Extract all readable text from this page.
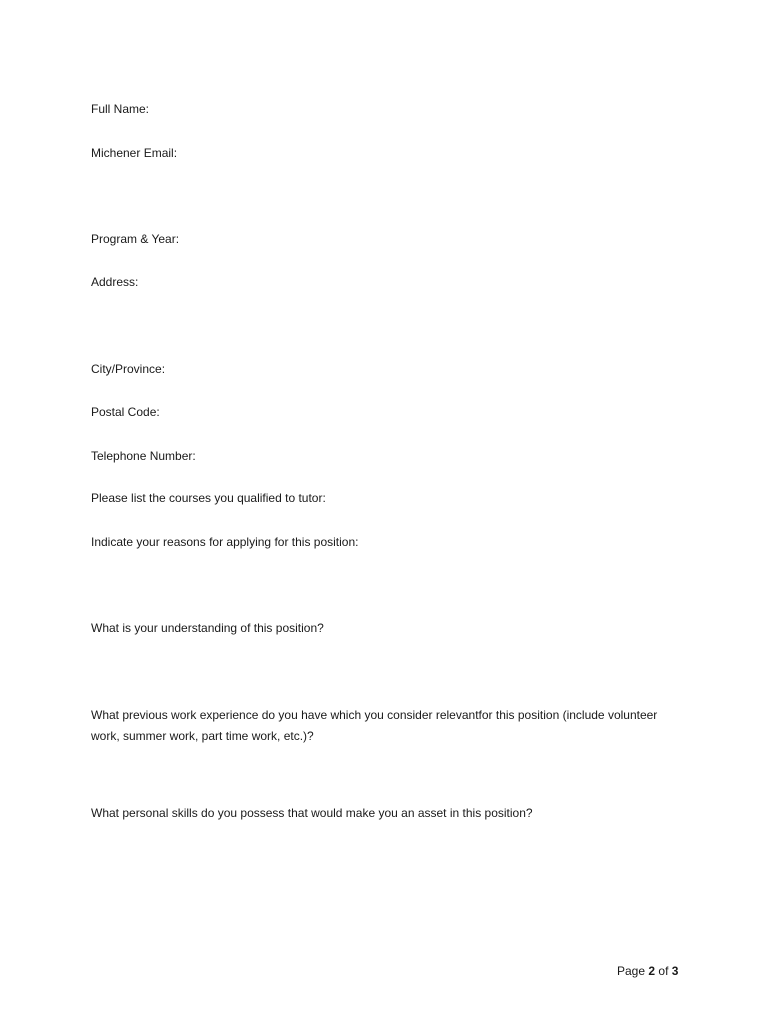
Full Name:
Michener Email:
Program & Year:
Address:
City/Province:
Postal Code:
Telephone Number:
Please list the courses you qualified to tutor:
Indicate your reasons for applying for this position:
What is your understanding of this position?
What previous work experience do you have which you consider relevantfor this position (include volunteer work, summer work, part time work, etc.)?
What personal skills do you possess that would make you an asset in this position?
Page 2 of 3
